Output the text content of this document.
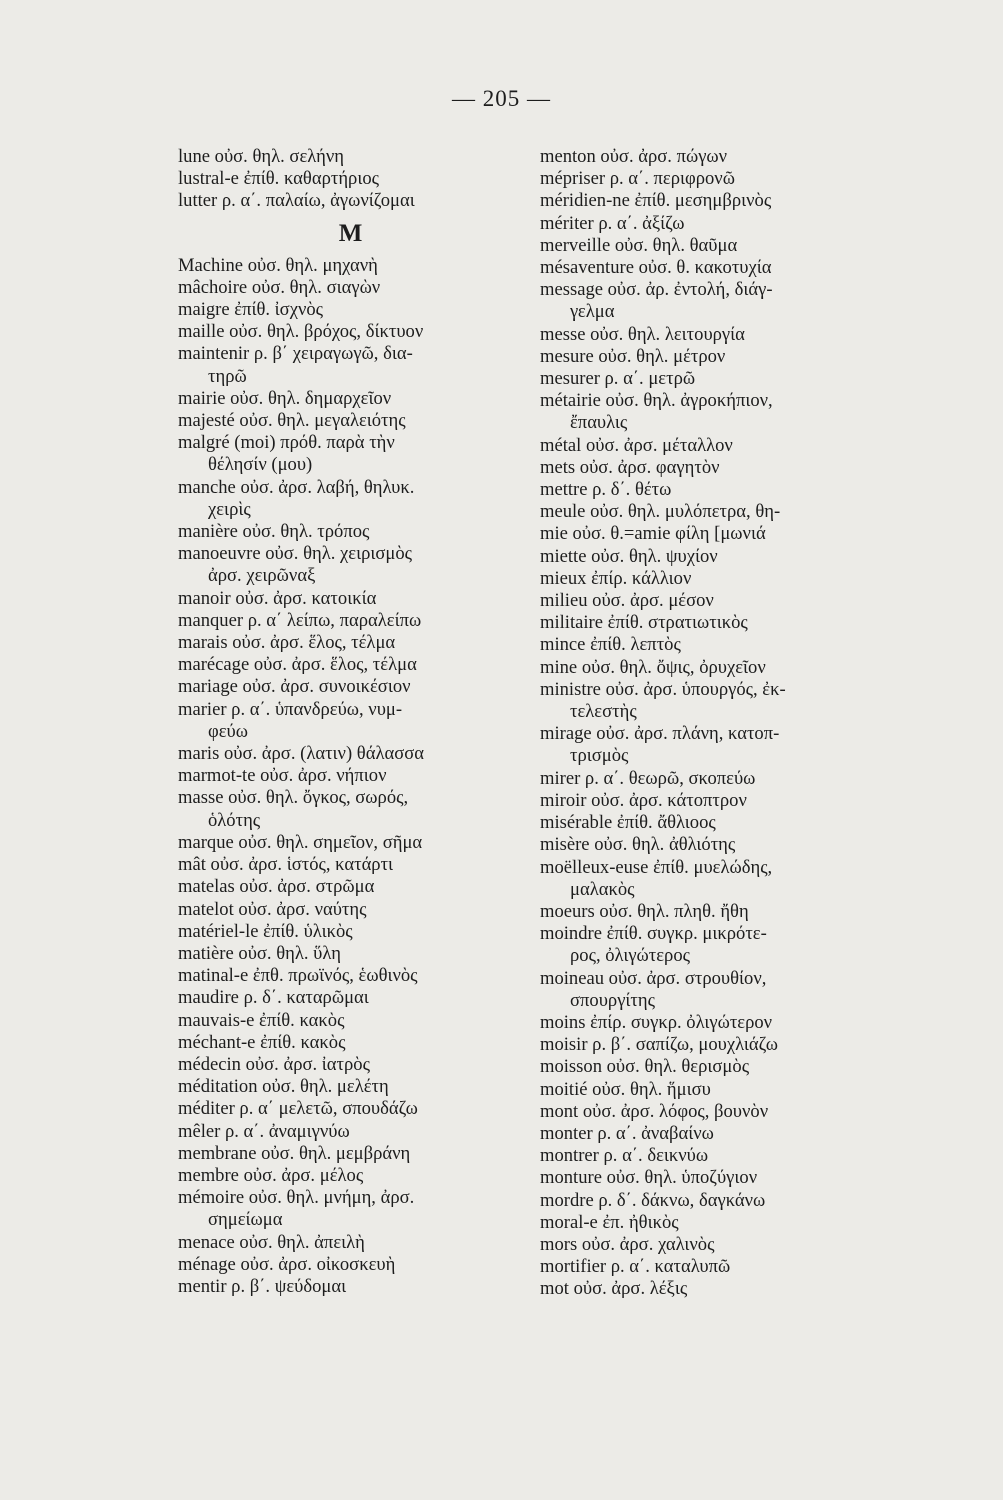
— 205 —
lune οὐσ. θηλ. σελήνη
lustral-e ἐπίθ. καθαρτήριος
lutter ρ. α΄. παλαίω, ἀγωνίζομαι
M
Machine οὐσ. θηλ. μηχανὴ
mâchoire οὐσ. θηλ. σιαγὼν
maigre ἐπίθ. ἰσχνὸς
maille οὐσ. θηλ. βρόχος, δίκτυον
maintenir ρ. β΄ χειραγωγῶ, δια-
τηρῶ
mairie οὐσ. θηλ. δημαρχεῖον
majesté οὐσ. θηλ. μεγαλειότης
malgré (moi) πρόθ. παρὰ τὴν
θέλησίν (μου)
manche οὐσ. ἀρσ. λαβή, θηλυκ.
χειρὶς
manière οὐσ. θηλ. τρόπος
manoeuvre οὐσ. θηλ. χειρισμὸς
ἀρσ. χειρῶναξ
manoir οὐσ. ἀρσ. κατοικία
manquer ρ. α΄ λείπω, παραλείπω
marais οὐσ. ἀρσ. ἕλος, τέλμα
marécage οὐσ. ἀρσ. ἕλος, τέλμα
mariage οὐσ. ἀρσ. συνοικέσιον
marier ρ. α΄. ὑπανδρεύω, νυμ-
φεύω
maris οὐσ. ἀρσ. (λατιν) θάλασσα
marmot-te οὐσ. ἀρσ. νήπιον
masse οὐσ. θηλ. ὄγκος, σωρός,
ὁλότης
marque οὐσ. θηλ. σημεῖον, σῆμα
mât οὐσ. ἀρσ. ἱστός, κατάρτι
matelas οὐσ. ἀρσ. στρῶμα
matelot οὐσ. ἀρσ. ναύτης
matériel-le ἐπίθ. ὑλικὸς
matière οὐσ. θηλ. ὕλη
matinal-e ἐπθ. πρωϊνός, ἑωθινὸς
maudire ρ. δ΄. καταρῶμαι
mauvais-e ἐπίθ. κακὸς
méchant-e ἐπίθ. κακὸς
médecin οὐσ. ἀρσ. ἰατρὸς
méditation οὐσ. θηλ. μελέτη
méditer ρ. α΄ μελετῶ, σπουδάζω
mêler ρ. α΄. ἀναμιγνύω
membrane οὐσ. θηλ. μεμβράνη
membre οὐσ. ἀρσ. μέλος
mémoire οὐσ. θηλ. μνήμη, ἀρσ.
σημείωμα
menace οὐσ. θηλ. ἀπειλὴ
ménage οὐσ. ἀρσ. οἰκοσκευὴ
mentir ρ. β΄. ψεύδομαι
menton οὐσ. ἀρσ. πώγων
mépriser ρ. α΄. περιφρονῶ
méridien-ne ἐπίθ. μεσημβρινὸς
mériter ρ. α΄. ἀξίζω
merveille οὐσ. θηλ. θαῦμα
mésaventure οὐσ. θ. κακοτυχία
message οὐσ. ἀρ. ἐντολή, διάγ-
γελμα
messe οὐσ. θηλ. λειτουργία
mesure οὐσ. θηλ. μέτρον
mesurer ρ. α΄. μετρῶ
métairie οὐσ. θηλ. ἀγροκήπιον,
ἔπαυλις
métal οὐσ. ἀρσ. μέταλλον
mets οὐσ. ἀρσ. φαγητὸν
mettre ρ. δ΄. θέτω
meule οὐσ. θηλ. μυλόπετρα, θη-
mie οὐσ. θ.=amie φίλη [μωνιά
miette οὐσ. θηλ. ψυχίον
mieux ἐπίρ. κάλλιον
milieu οὐσ. ἀρσ. μέσον
militaire ἐπίθ. στρατιωτικὸς
mince ἐπίθ. λεπτὸς
mine οὐσ. θηλ. ὄψις, ὀρυχεῖον
ministre οὐσ. ἀρσ. ὑπουργός, ἐκ-
τελεστὴς
mirage οὐσ. ἀρσ. πλάνη, κατοπ-
τρισμὸς
mirer ρ. α΄. θεωρῶ, σκοπεύω
miroir οὐσ. ἀρσ. κάτοπτρον
misérable ἐπίθ. ἄθλιοος
misère οὐσ. θηλ. ἀθλιότης
moëlleux-euse ἐπίθ. μυελώδης,
μαλακὸς
moeurs οὐσ. θηλ. πληθ. ἤθη
moindre ἐπίθ. συγκρ. μικρότε-
ρος, ὀλιγώτερος
moineau οὐσ. ἀρσ. στρουθίον,
σπουργίτης
moins ἐπίρ. συγκρ. ὀλιγώτερον
moisir ρ. β΄. σαπίζω, μουχλιάζω
moisson οὐσ. θηλ. θερισμὸς
moitié οὐσ. θηλ. ἥμισυ
mont οὐσ. ἀρσ. λόφος, βουνὸν
monter ρ. α΄. ἀναβαίνω
montrer ρ. α΄. δεικνύω
monture οὐσ. θηλ. ὑποζύγιον
mordre ρ. δ΄. δάκνω, δαγκάνω
moral-e ἐπ. ἠθικὸς
mors οὐσ. ἀρσ. χαλινὸς
mortifier ρ. α΄. καταλυπῶ
mot οὐσ. ἀρσ. λέξις
